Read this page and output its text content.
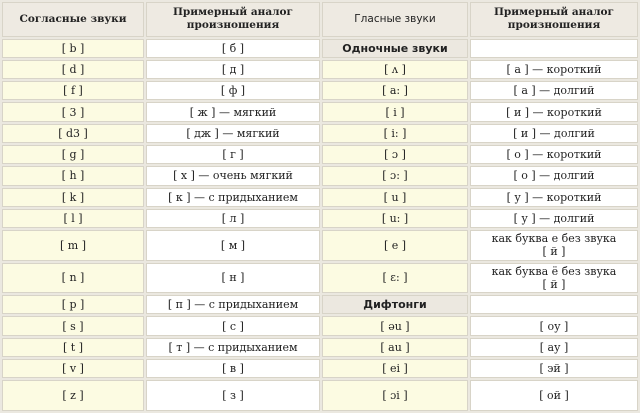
Согласные звуки	Примерный аналог произношения	Гласные звуки	Примерный аналог произношения
[ b ]	[ б ]	Одночные звуки	
[ d ]	[ д ]	[ ʌ ]	[ а ] — короткий
[ f ]	[ ф ]	[ a: ]	[ а ] — долгий
[ 3 ]	[ ж ] — мягкий	[ i ]	[ и ] — короткий
[ d3 ]	[ дж ] — мягкий	[ i: ]	[ и ] — долгий
[ g ]	[ г ]	[ ɔ ]	[ о ] — короткий
[ h ]	[ х ] — очень мягкий	[ ɔ: ]	[ о ] — долгий
[ k ]	[ к ] — с придыханием	[ u ]	[ у ] — короткий
[ l ]	[ л ]	[ u: ]	[ у ] — долгий
[ m ]	[ м ]	[ e ]	как буква е без звука
[ й ]

[ n ]	[ н ]	[ ɛ: ]	как буква ё без звука
[ й ]

[ p ]	[ п ] — с придыханием	Дифтонги	
[ s ]	[ с ]	[ əu ]	[ оу ]
[ t ]	[ т ] — с придыханием	[ au ]	[ ау ]
[ v ]	[ в ]	[ ei ]	[ эй ]
[ z ]	[ з ]	[ ɔi ]	[ ой ]
